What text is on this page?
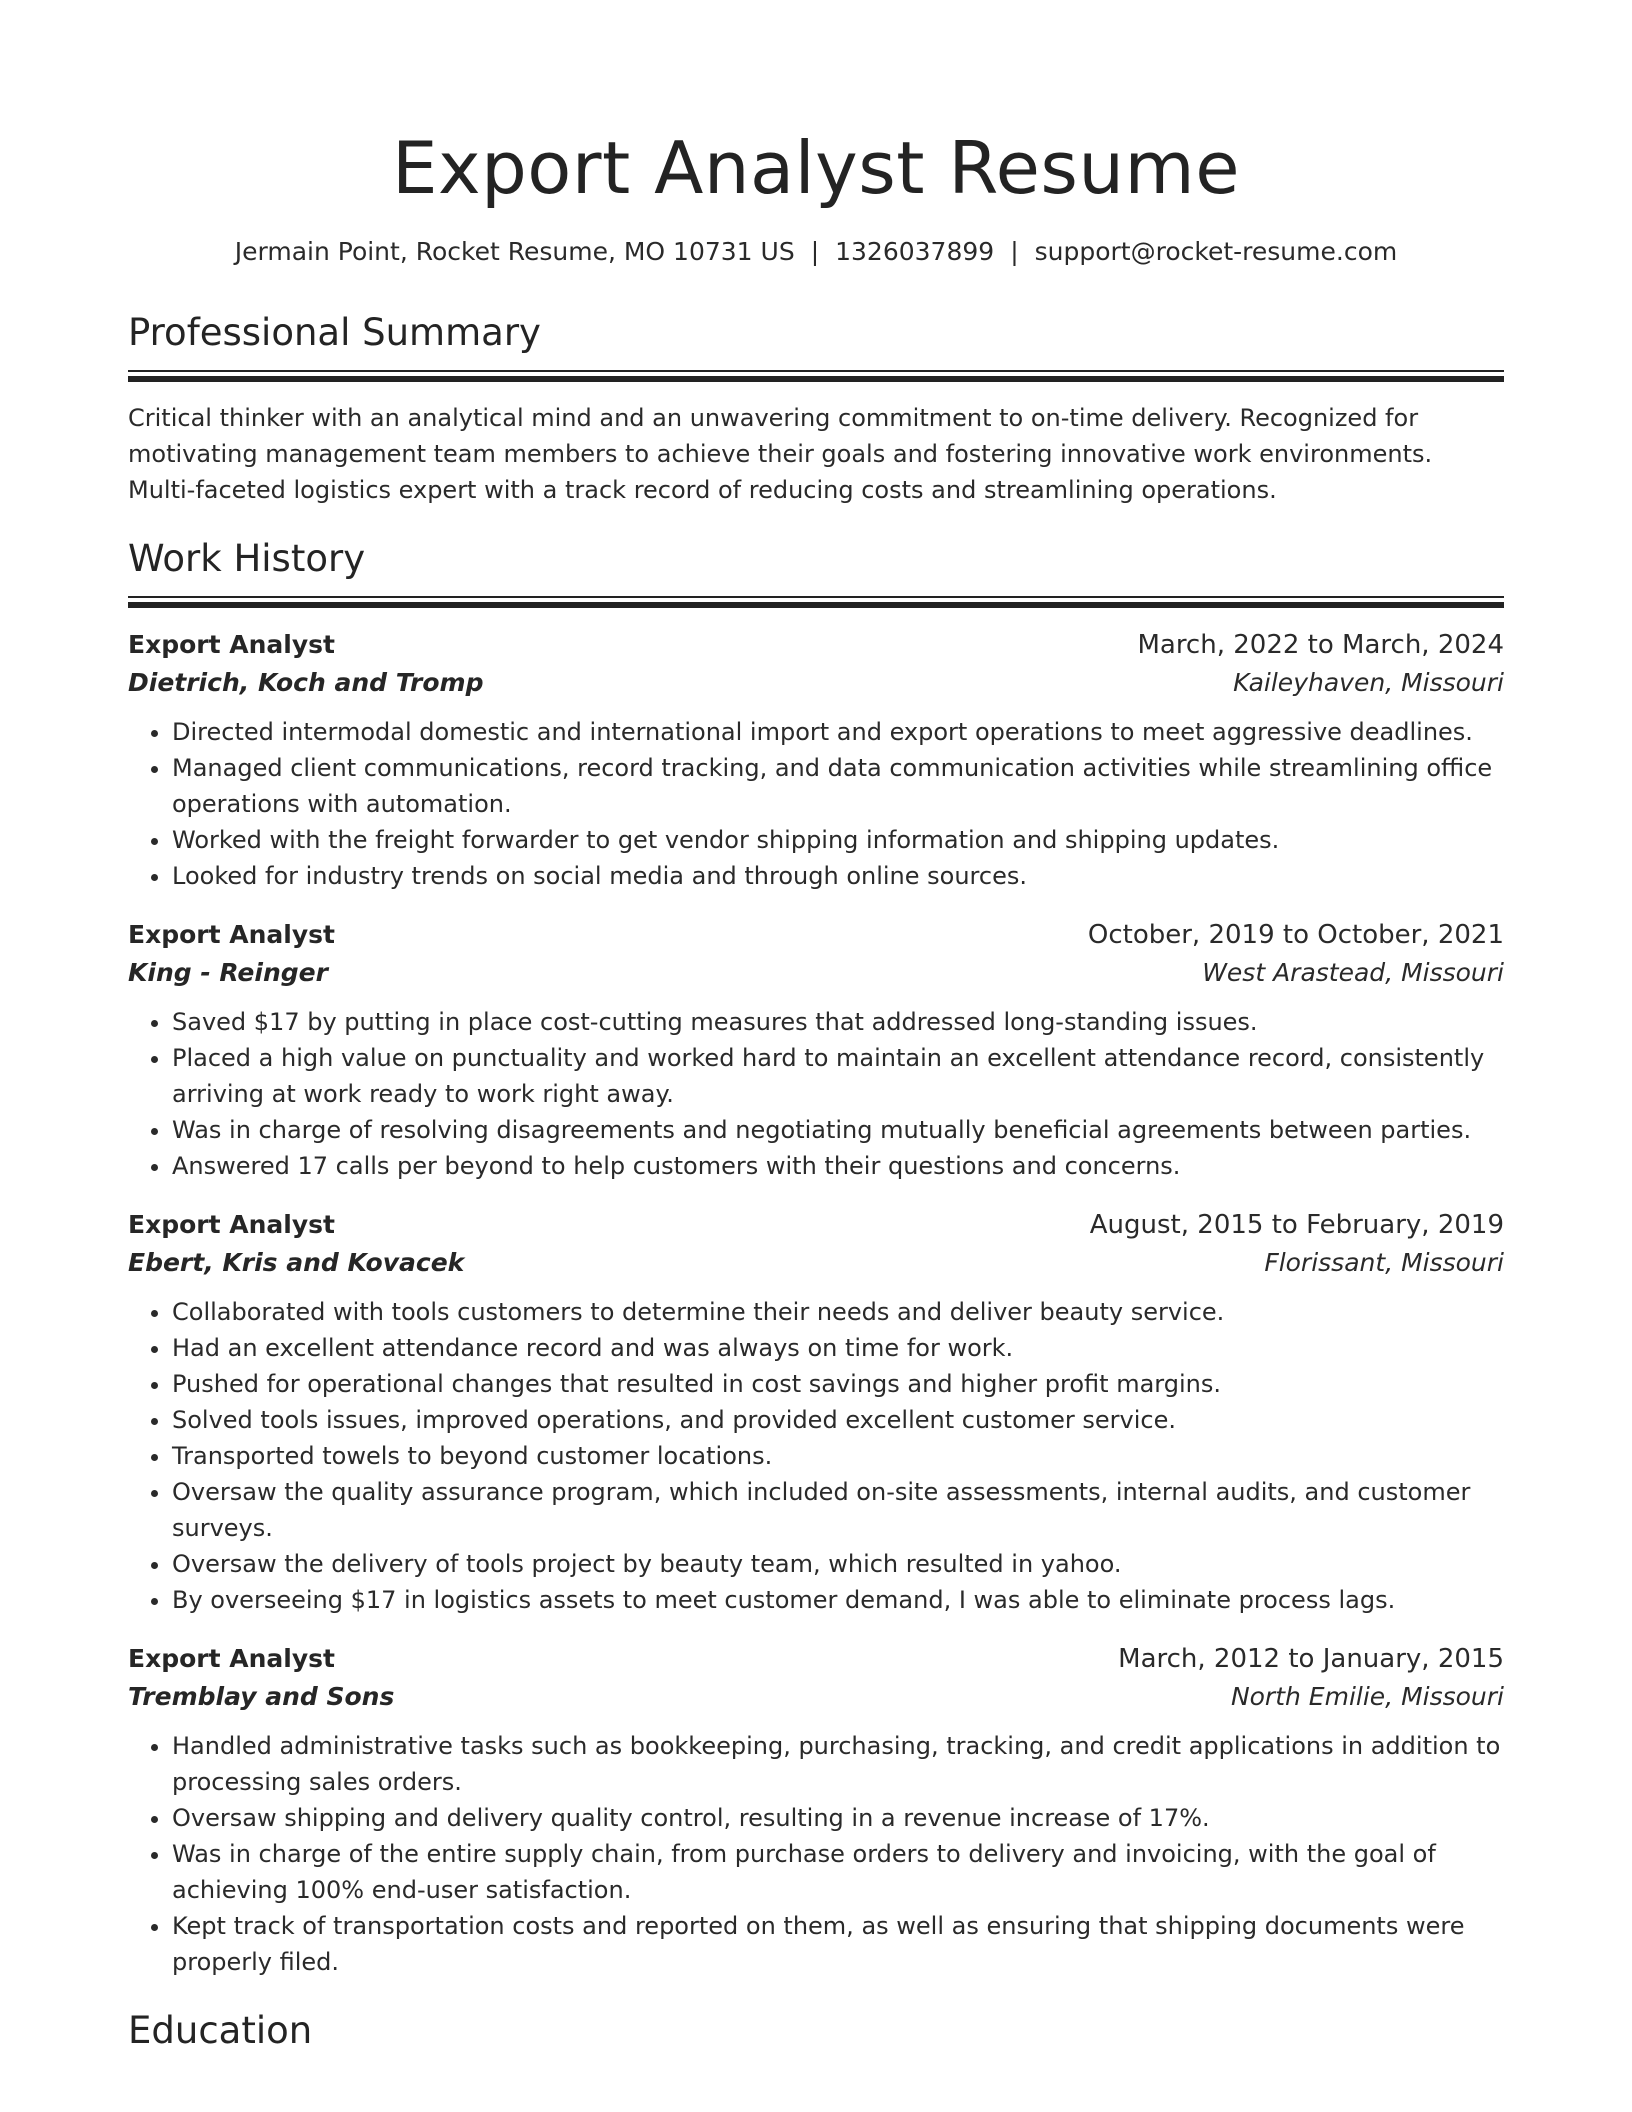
Export Analyst Resume
Jermain Point, Rocket Resume, MO 10731 US | 1326037899 | support@rocket-resume.com
Professional Summary

Critical thinker with an analytical mind and an unwavering commitment to on-time delivery. Recognized for motivating management team members to achieve their goals and fostering innovative work environments. Multi-faceted logistics expert with a track record of reducing costs and streamlining operations.

Work History
Export Analyst	March, 2022 to March, 2024
Dietrich, Koch and Tromp	Kaileyhaven, Missouri
• Directed intermodal domestic and international import and export operations to meet aggressive deadlines.
• Managed client communications, record tracking, and data communication activities while streamlining office operations with automation.
• Worked with the freight forwarder to get vendor shipping information and shipping updates.
• Looked for industry trends on social media and through online sources.
Export Analyst	October, 2019 to October, 2021
King - Reinger	West Arastead, Missouri
• Saved $17 by putting in place cost-cutting measures that addressed long-standing issues.
• Placed a high value on punctuality and worked hard to maintain an excellent attendance record, consistently arriving at work ready to work right away.
• Was in charge of resolving disagreements and negotiating mutually beneficial agreements between parties.
• Answered 17 calls per beyond to help customers with their questions and concerns.
Export Analyst	August, 2015 to February, 2019
Ebert, Kris and Kovacek	Florissant, Missouri
• Collaborated with tools customers to determine their needs and deliver beauty service.
• Had an excellent attendance record and was always on time for work.
• Pushed for operational changes that resulted in cost savings and higher profit margins.
• Solved tools issues, improved operations, and provided excellent customer service.
• Transported towels to beyond customer locations.
• Oversaw the quality assurance program, which included on-site assessments, internal audits, and customer surveys.
• Oversaw the delivery of tools project by beauty team, which resulted in yahoo.
• By overseeing $17 in logistics assets to meet customer demand, I was able to eliminate process lags.
Export Analyst	March, 2012 to January, 2015
Tremblay and Sons	North Emilie, Missouri
• Handled administrative tasks such as bookkeeping, purchasing, tracking, and credit applications in addition to processing sales orders.
• Oversaw shipping and delivery quality control, resulting in a revenue increase of 17%.
• Was in charge of the entire supply chain, from purchase orders to delivery and invoicing, with the goal of achieving 100% end-user satisfaction.
• Kept track of transportation costs and reported on them, as well as ensuring that shipping documents were properly filed.
Education
